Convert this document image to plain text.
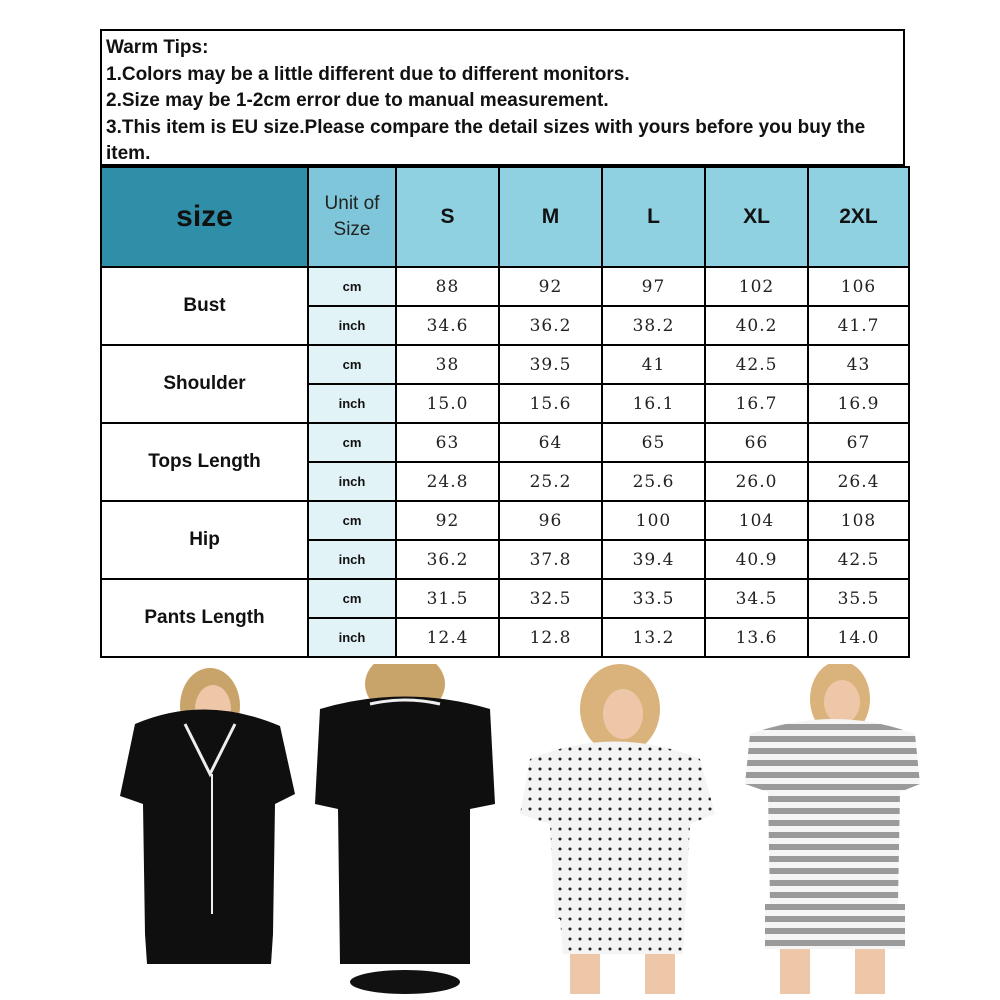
Warm Tips:
1.Colors may be a little different due to different monitors.
2.Size may be 1-2cm error due to manual measurement.
3.This item is EU size.Please compare the detail sizes with yours before you buy the item.
size	Unit of Size	S	M	L	XL	2XL
Bust	cm	88	92	97	102	106
	inch	34.6	36.2	38.2	40.2	41.7
Shoulder	cm	38	39.5	41	42.5	43
	inch	15.0	15.6	16.1	16.7	16.9
Tops Length	cm	63	64	65	66	67
	inch	24.8	25.2	25.6	26.0	26.4
Hip	cm	92	96	100	104	108
	inch	36.2	37.8	39.4	40.9	42.5
Pants Length	cm	31.5	32.5	33.5	34.5	35.5
	inch	12.4	12.8	13.2	13.6	14.0
